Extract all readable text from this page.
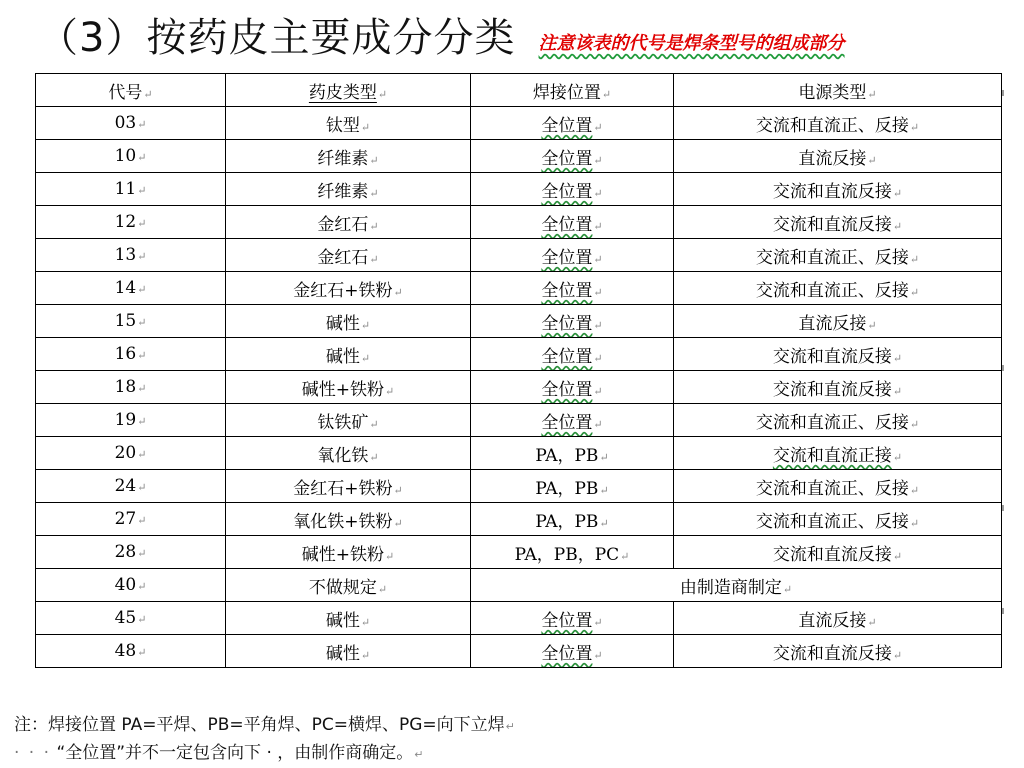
（3）按药皮主要成分分类 注意该表的代号是焊条型号的组成部分
代号↵	药皮类型↵	焊接位置↵	电源类型↵
03↵	钛型↵	全位置↵	交流和直流正、反接↵
10↵	纤维素↵	全位置↵	直流反接↵
11↵	纤维素↵	全位置↵	交流和直流反接↵
12↵	金红石↵	全位置↵	交流和直流反接↵
13↵	金红石↵	全位置↵	交流和直流正、反接↵
14↵	金红石+铁粉↵	全位置↵	交流和直流正、反接↵
15↵	碱性↵	全位置↵	直流反接↵
16↵	碱性↵	全位置↵	交流和直流反接↵
18↵	碱性+铁粉↵	全位置↵	交流和直流反接↵
19↵	钛铁矿↵	全位置↵	交流和直流正、反接↵
20↵	氧化铁↵	PA，PB↵	交流和直流正接↵
24↵	金红石+铁粉↵	PA，PB↵	交流和直流正、反接↵
27↵	氧化铁+铁粉↵	PA，PB↵	交流和直流正、反接↵
28↵	碱性+铁粉↵	PA，PB，PC↵	交流和直流反接↵
40↵	不做规定↵	由制造商制定↵	
45↵	碱性↵	全位置↵	直流反接↵
48↵	碱性↵	全位置↵	交流和直流反接↵
注：焊接位置 PA=平焊、PB=平角焊、PC=横焊、PG=向下立焊↵
· · · “全位置”并不一定包含向下 · ，由制作商确定。↵
